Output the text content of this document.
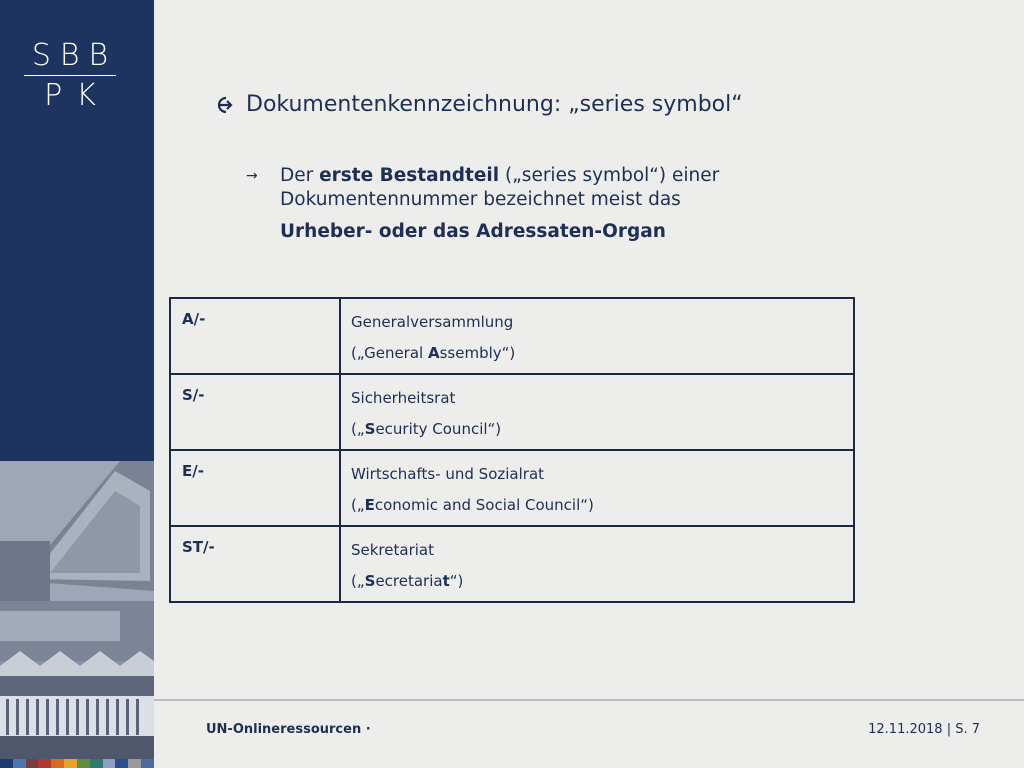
SBB
PK	Dokumentenkennzeichnung: „series symbol“
→	Der erste Bestandteil („series symbol“) einer
Dokumentennummer bezeichnet meist das
Urheber- oder das Adressaten-Organ
A/-	Generalversammlung
(„General Assembly“)
S/-	Sicherheitsrat
(„Security Council“)
E/-	Wirtschafts- und Sozialrat
(„Economic and Social Council“)
ST/-	Sekretariat
(„Secretariat“)
UN-Onlineressourcen ·	12.11.2018 | S. 7
